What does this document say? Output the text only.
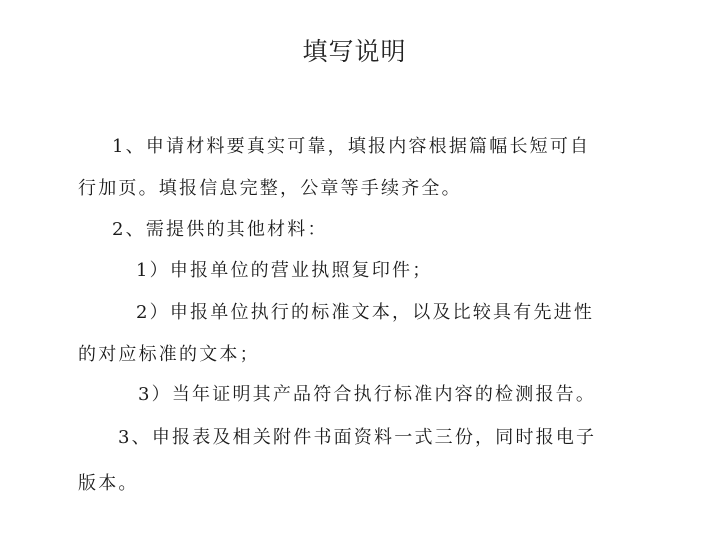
填写说明
1、申请材料要真实可靠，填报内容根据篇幅长短可自
行加页。填报信息完整，公章等手续齐全。
2、需提供的其他材料：
1）申报单位的营业执照复印件；
2）申报单位执行的标准文本，以及比较具有先进性
的对应标准的文本；
3）当年证明其产品符合执行标准内容的检测报告。
3、申报表及相关附件书面资料一式三份，同时报电子
版本。
